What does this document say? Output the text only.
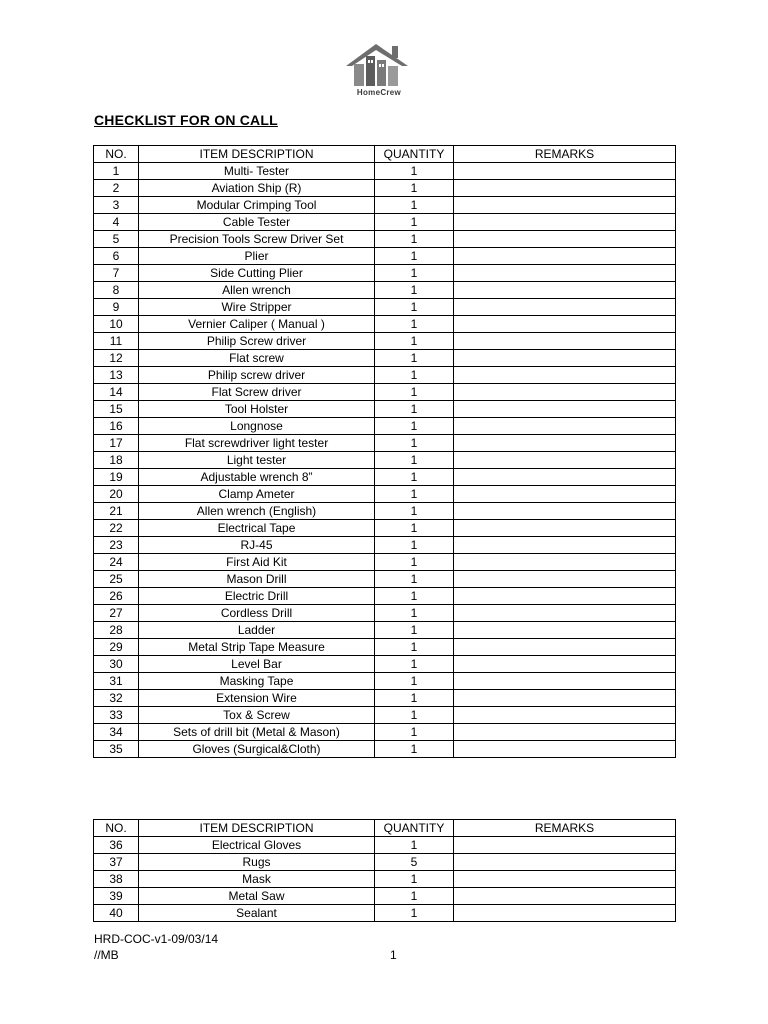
HomeCrew
CHECKLIST FOR ON CALL
NO.	ITEM DESCRIPTION	QUANTITY	REMARKS
1	Multi- Tester	1	
2	Aviation Ship (R)	1	
3	Modular Crimping Tool	1	
4	Cable Tester	1	
5	Precision Tools Screw Driver Set	1	
6	Plier	1	
7	Side Cutting Plier	1	
8	Allen wrench	1	
9	Wire Stripper	1	
10	Vernier Caliper ( Manual )	1	
11	Philip Screw driver	1	
12	Flat screw	1	
13	Philip screw driver	1	
14	Flat Screw driver	1	
15	Tool Holster	1	
16	Longnose	1	
17	Flat screwdriver light tester	1	
18	Light tester	1	
19	Adjustable wrench 8”	1	
20	Clamp Ameter	1	
21	Allen wrench (English)	1	
22	Electrical Tape	1	
23	RJ-45	1	
24	First Aid Kit	1	
25	Mason Drill	1	
26	Electric Drill	1	
27	Cordless Drill	1	
28	Ladder	1	
29	Metal Strip Tape Measure	1	
30	Level Bar	1	
31	Masking Tape	1	
32	Extension Wire	1	
33	Tox & Screw	1	
34	Sets of drill bit (Metal & Mason)	1	
35	Gloves (Surgical&Cloth)	1	
NO.	ITEM DESCRIPTION	QUANTITY	REMARKS
36	Electrical Gloves	1	
37	Rugs	5	
38	Mask	1	
39	Metal Saw	1	
40	Sealant	1	
HRD-COC-v1-09/03/14
//MB	1
